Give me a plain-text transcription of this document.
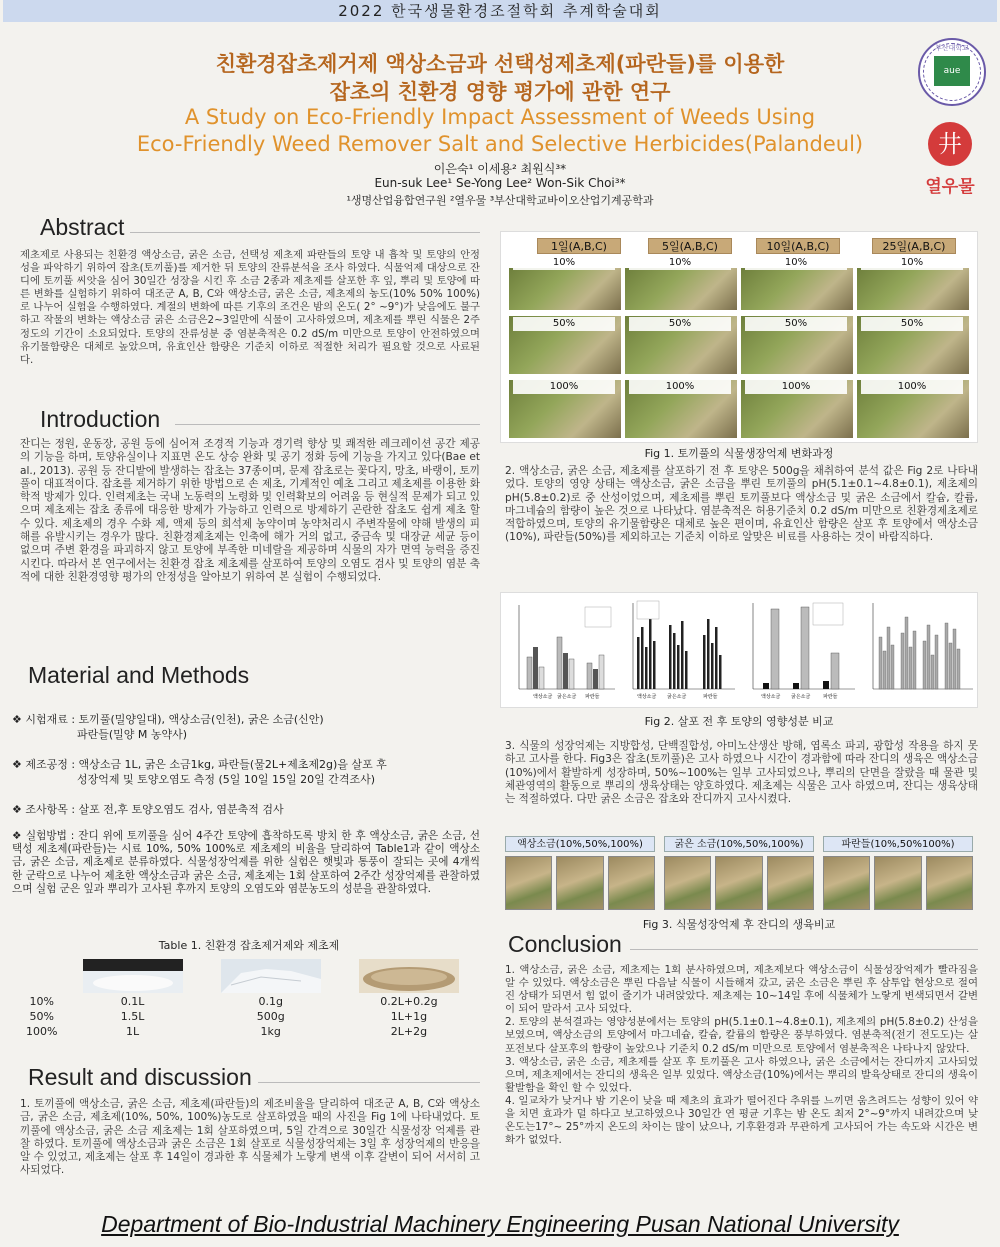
2022 한국생물환경조절학회 추계학술대회
친환경잡초제거제 액상소금과 선택성제초제(파란들)를 이용한
잡초의 친환경 영향 평가에 관한 연구
A Study on Eco-Friendly Impact Assessment of Weeds Using
Eco-Friendly Weed Remover Salt and Selective Herbicides(Palandeul)
이은숙¹ 이세용² 최원식³*
Eun-suk Lee¹ Se-Yong Lee² Won-Sik Choi³*
¹생명산업융합연구원 ²열우물 ³부산대학교바이오산업기계공학과
aue
부산대학교
井
열우물
Abstract
제초제로 사용되는 친환경 액상소금, 굵은 소금, 선택성 제초제 파란들의 토양 내 흡착 및 토양의 안정성을 파악하기 위하여 잡초(토끼풀)를 제거한 뒤 토양의 잔류분석을 조사 하였다. 식물억제 대상으로 잔디에 토끼풀 씨앗을 심어 30일간 성장을 시킨 후 소금 2종과 제초제를 살포한 후 잎, 뿌리 및 토양에 따른 변화를 실험하기 위하여 대조군 A, B, C와 액상소금, 굵은 소금, 제초제의 농도(10% 50% 100%)로 나누어 실험을 수행하였다. 계절의 변화에 따른 기후의 조건은 밤의 온도( 2° ~9°)가 낮음에도 불구하고 작물의 변화는 액상소금 굵은 소금은2~3일만에 식물이 고사하였으며, 제초제를 뿌린 식물은 2주정도의 기간이 소요되었다. 토양의 잔류성분 중 염분축적은 0.2 dS/m 미만으로 토양이 안전하였으며 유기물함량은 대체로 높았으며, 유효인산 함량은 기준치 이하로 적절한 처리가 필요할 것으로 사료된다.
Introduction
잔디는 정원, 운동장, 공원 등에 심어져 조경적 기능과 경기력 향상 및 쾌적한 레크레이션 공간 제공의 기능을 하며, 토양유실이나 지표면 온도 상승 완화 및 공기 정화 등에 기능을 가지고 있다(Bae et al., 2013). 공원 등 잔디밭에 발생하는 잡초는 37종이며, 문제 잡초로는 꽃다지, 망초, 바랭이, 토끼풀이 대표적이다. 잡초를 제거하기 위한 방법으로 손 제초, 기계적인 예초 그리고 제초제를 이용한 화학적 방제가 있다. 인력제초는 국내 노동력의 노령화 및 인력확보의 어려움 등 현실적 문제가 되고 있으며 제초제는 잡초 종류에 대응한 방제가 가능하고 인력으로 방제하기 곤란한 잡초도 쉽게 제초 할 수 있다. 제초제의 경우 수화 제, 액제 등의 희석제 농약이며 농약처리시 주변작물에 약해 발생의 피해를 유발시키는 경우가 많다. 친환경제초제는 인축에 해가 거의 없고, 중금속 및 대장균 세균 등이 없으며 주변 환경을 파괴하지 않고 토양에 부족한 미네랄을 제공하며 식물의 자가 면역 능력을 증진시킨다. 따라서 본 연구에서는 친환경 잡초 제초제를 살포하여 토양의 오염도 검사 및 토양의 염분 축적에 대한 친환경영향 평가의 안정성을 알아보기 위하여 본 실험이 수행되었다.
Material and Methods
❖ 시험재료 : 토끼풀(밀양일대), 액상소금(인천), 굵은 소금(신안)
파란들(밀양 M 농약사)
❖ 제조공정 : 액상소금 1L, 굵은 소금1kg, 파란들(물2L+제초제2g)을 살포 후
성장억제 및 토양오염도 측정 (5일 10일 15일 20일 간격조사)
❖ 조사항목 : 살포 전,후 토양오염도 검사, 염분축적 검사
❖ 실험방법 : 잔디 위에 토끼풀을 심어 4주간 토양에 흡착하도록 방치 한 후 액상소금, 굵은 소금, 선택성 제초제(파란들)는 시료 10%, 50% 100%로 제초제의 비율을 달리하여 Table1과 같이 액상소금, 굵은 소금, 제초제로 분류하였다. 식물성장억제를 위한 실험은 햇빛과 통풍이 잘되는 곳에 4개씩 한 군락으로 나누어 제초한 액상소금과 굵은 소금, 제초제는 1회 살포하여 2주간 성장억제를 관찰하였으며 실험 군은 잎과 뿌리가 고사된 후까지 토양의 오염도와 염분농도의 성분을 관찰하였다.
Table 1. 친환경 잡초제거제와 제초제

10%	0.1L	0.1g	0.2L+0.2g
50%	1.5L	500g	1L+1g
100%	1L	1kg	2L+2g
Result and discussion
1. 토끼풀에 액상소금, 굵은 소금, 제초제(파란들)의 제조비율을 달리하여 대조군 A, B, C와 액상소금, 굵은 소금, 제초제(10%, 50%, 100%)농도로 살포하였을 때의 사진을 Fig 1에 나타내었다. 토끼풀에 액상소금, 굵은 소금 제초제는 1회 살포하였으며, 5일 간격으로 30일간 식물성장 억제를 관찰 하였다. 토끼풀에 액상소금과 굵은 소금은 1회 살포로 식물성장억제는 3일 후 성장억제의 반응을 알 수 있었고, 제초제는 살포 후 14일이 경과한 후 식물체가 노랗게 변색 이후 갈변이 되어 서서히 고사되었다.
1일(A,B,C)	5일(A,B,C)	10일(A,B,C)	25일(A,B,C)
10%	10%	10%	10%
50%	50%	50%	50%
100%	100%	100%	100%
Fig 1. 토끼풀의 식물생장억제 변화과정
2. 액상소금, 굵은 소금, 제초제를 살포하기 전 후 토양은 500g을 채취하여 분석 값은 Fig 2로 나타내었다. 토양의 영양 상태는 액상소금, 굵은 소금을 뿌린 토끼풀의 pH(5.1±0.1~4.8±0.1), 제초제의 pH(5.8±0.2)로 중 산성이었으며, 제초제를 뿌린 토끼풀보다 액상소금 및 굵은 소금에서 칼슘, 칼륨, 마그네슘의 함량이 높은 것으로 나타났다. 염분축적은 허용기준치 0.2 dS/m 미만으로 친환경제초제로 적합하였으며, 토양의 유기물함량은 대체로 높은 편이며, 유효인산 함량은 살포 후 토양에서 액상소금(10%), 파란들(50%)를 제외하고는 기준치 이하로 알맞은 비료를 사용하는 것이 바람직하다.
액상소금 굵은소금 파란들	액상소금 굵은소금	파란들	액상소금 굵은소금	파란들
Fig 2. 살포 전 후 토양의 영향성분 비교
3. 식물의 성장억제는 지방합성, 단백질합성, 아미노산생산 방해, 엽록소 파괴, 광합성 작용을 하지 못하고 고사를 한다. Fig3은 잡초(토끼풀)은 고사 하였으나 시간이 경과함에 따라 잔디의 생육은 액상소금(10%)에서 활발하게 성장하며, 50%~100%는 일부 고사되었으나, 뿌리의 단면을 잘랐을 때 물관 및 체관영역의 활동으로 뿌리의 생육상태는 양호하였다. 제초제는 식물은 고사 하였으며, 잔디는 생육상태는 적절하였다. 다만 굵은 소금은 잡초와 잔디까지 고사시켰다.
액상소금(10%,50%,100%)	굵은 소금(10%,50%,100%)	파란들(10%,50%100%)
Fig 3. 식물성장억제 후 잔디의 생육비교
Conclusion
1. 액상소금, 굵은 소금, 제초제는 1회 분사하였으며, 제초제보다 액상소금이 식물성장억제가 빨라짐을 알 수 있었다. 액상소금은 뿌린 다음날 식물이 시들해져 갔고, 굵은 소금은 뿌린 후 삼투압 현상으로 절여진 상태가 되면서 힘 없이 줄기가 내려앉았다. 제초제는 10~14일 후에 식물체가 노랗게 변색되면서 갈변이 되어 말라서 고사 되었다.
2. 토양의 분석결과는 영양성분에서는 토양의 pH(5.1±0.1~4.8±0.1), 제초제의 pH(5.8±0.2) 산성을 보였으며, 액상소금의 토양에서 마그네슘, 칼슘, 칼륨의 함량은 풍부하였다. 염분축적(전기 전도도)는 살포전보다 살포후의 함량이 높았으나 기준치 0.2 dS/m 미만으로 토양에서 염분축적은 나타나지 않았다.
3. 액상소금, 굵은 소금, 제초제를 살포 후 토끼풀은 고사 하였으나, 굵은 소금에서는 잔디까지 고사되었으며, 제초제에서는 잔디의 생육은 일부 있었다. 액상소금(10%)에서는 뿌리의 발육상태로 잔디의 생육이 활발함을 확인 할 수 있었다.
4. 일교차가 낮거나 밤 기온이 낮을 때 제초의 효과가 떨어진다 추위를 느끼면 움츠려드는 성향이 있어 약을 치면 효과가 덜 하다고 보고하였으나 30일간 연 평균 기후는 밤 온도 최저 2°~9°까지 내려갔으며 낮 온도는17°~ 25°까지 온도의 차이는 많이 났으나, 기후환경과 무관하게 고사되어 가는 속도와 시간은 변화가 없었다.
Department of Bio-Industrial Machinery Engineering Pusan National University
